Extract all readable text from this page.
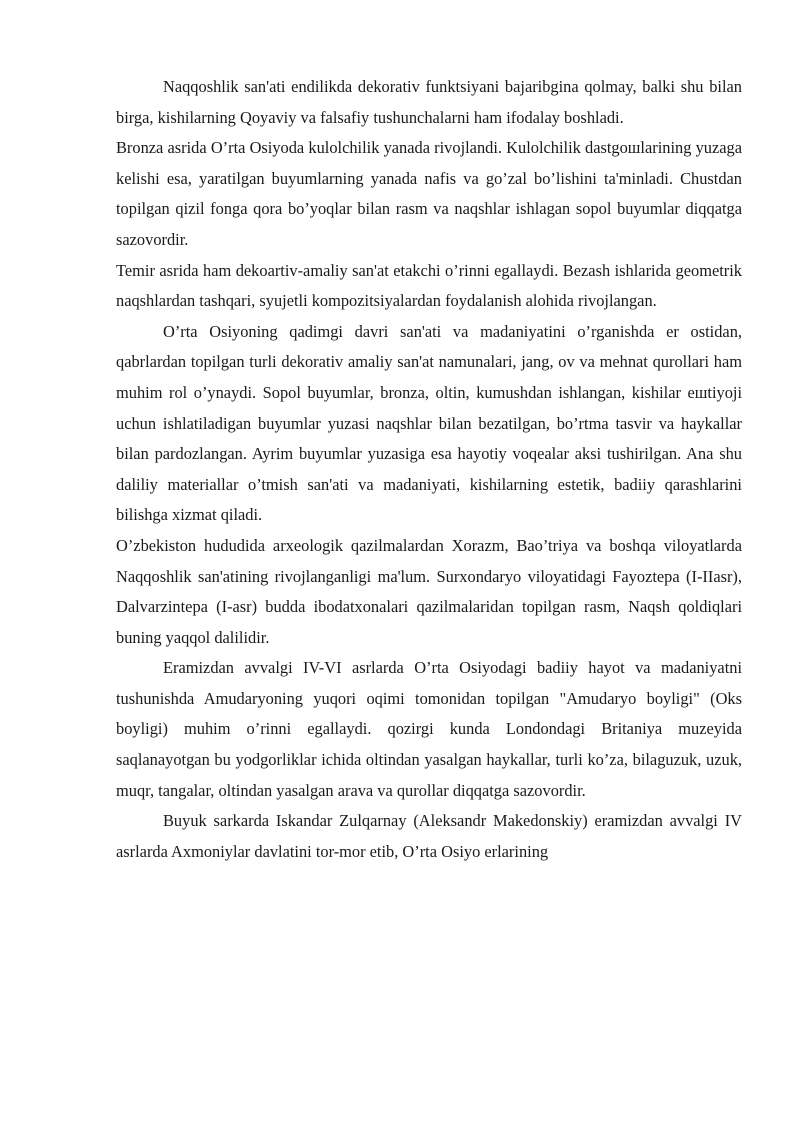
Naqqoshlik san'ati endilikda dekorativ funktsiyani bajaribgina qolmay, balki shu bilan birga, kishilarning Qoyaviy va falsafiy tushunchalarni ham ifodalay boshladi.

Bronza asrida O’rta Osiyoda kulolchilik yanada rivojlandi. Kulolchilik dastgoшlarining yuzaga kelishi esa, yaratilgan buyumlarning yanada nafis va go’zal bo’lishini ta'minladi. Chustdan topilgan qizil fonga qora bo’yoqlar bilan rasm va naqshlar ishlagan sopol buyumlar diqqatga sazovordir.

Temir asrida ham dekoartiv-amaliy san'at etakchi o’rinni egallaydi. Bezash ishlarida geometrik naqshlardan tashqari, syujetli kompozitsiyalardan foydalanish alohida rivojlangan.

O’rta Osiyoning qadimgi davri san'ati va madaniyatini o’rganishda er ostidan, qabrlardan topilgan turli dekorativ amaliy san'at namunalari, jang, ov va mehnat qurollari ham muhim rol o’ynaydi. Sopol buyumlar, bronza, oltin, kumushdan ishlangan, kishilar eшtiyoji uchun ishlatiladigan buyumlar yuzasi naqshlar bilan bezatilgan, bo’rtma tasvir va haykallar bilan pardozlangan. Ayrim buyumlar yuzasiga esa hayotiy voqealar aksi tushirilgan. Ana shu daliliy materiallar o’tmish san'ati va madaniyati, kishilarning estetik, badiiy qarashlarini bilishga xizmat qiladi.

O’zbekiston hududida arxeologik qazilmalardan Xorazm, Bao’triya va boshqa viloyatlarda Naqqoshlik san'atining rivojlanganligi ma'lum. Surxondaryo viloyatidagi Fayoztepa (I-IIasr), Dalvarzintepa (I-asr) budda ibodatxonalari qazilmalaridan topilgan rasm, Naqsh qoldiqlari buning yaqqol dalilidir.

Eramizdan avvalgi IV-VI asrlarda O’rta Osiyodagi badiiy hayot va madaniyatni tushunishda Amudaryoning yuqori oqimi tomonidan topilgan "Amudaryo boyligi" (Oks boyligi) muhim o’rinni egallaydi. qozirgi kunda Londondagi Britaniya muzeyida saqlanayotgan bu yodgorliklar ichida oltindan yasalgan haykallar, turli ko’za, bilaguzuk, uzuk, muqr, tangalar, oltindan yasalgan arava va qurollar diqqatga sazovordir.

Buyuk sarkarda Iskandar Zulqarnay (Aleksandr Makedonskiy) eramizdan avvalgi IV asrlarda Axmoniylar davlatini tor-mor etib, O’rta Osiyo erlarining
